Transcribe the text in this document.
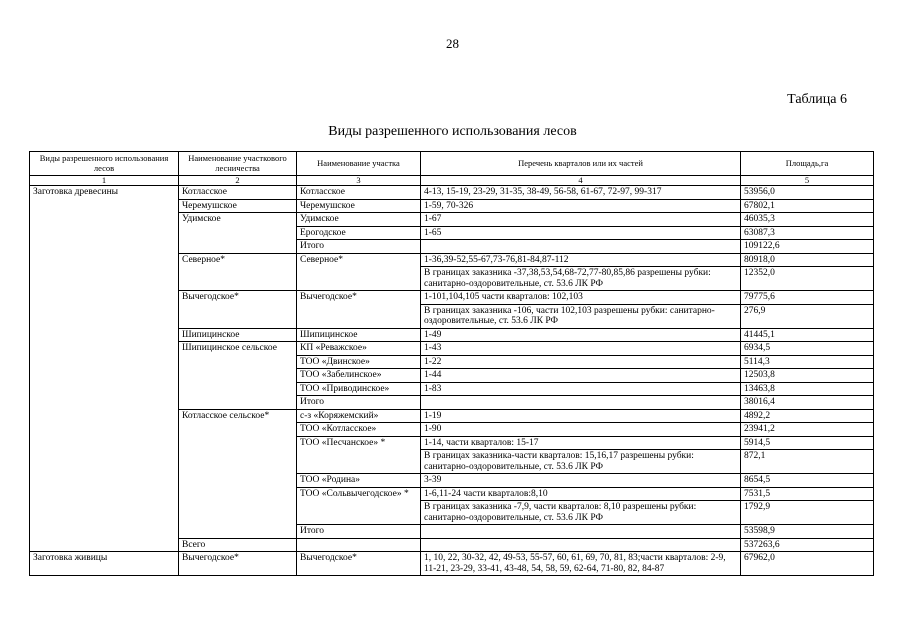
28
Таблица 6
Виды разрешенного использования лесов
Виды разрешенного использования лесов	Наименование участкового лесничества	Наименование участка	Перечень кварталов или их частей	Площадь,га
1	2	3	4	5
Заготовка древесины	Котласское	Котласское	4-13, 15-19, 23-29, 31-35, 38-49, 56-58, 61-67, 72-97, 99-317	53956,0
	Черемушское	Черемушское	1-59, 70-326	67802,1
	Удимское	Удимское	1-67	46035,3
		Ерогодское	1-65	63087,3
		Итого		109122,6
	Северное*	Северное*	1-36,39-52,55-67,73-76,81-84,87-112	80918,0
			В границах заказника -37,38,53,54,68-72,77-80,85,86 разрешены рубки: санитарно-оздоровительные, ст. 53.6 ЛК РФ	12352,0
	Вычегодское*	Вычегодское*	1-101,104,105 части кварталов: 102,103	79775,6
			В границах заказника -106, части 102,103 разрешены рубки: санитарно-оздоровительные, ст. 53.6 ЛК РФ	276,9
	Шипицинское	Шипицинское	1-49	41445,1
	Шипицинское сельское	КП «Реважское»	1-43	6934,5
		ТОО «Двинское»	1-22	5114,3
		ТОО «Забелинское»	1-44	12503,8
		ТОО «Приводинское»	1-83	13463,8
		Итого		38016,4
	Котласское сельское*	с-з «Коряжемский»	1-19	4892,2
		ТОО «Котласское»	1-90	23941,2
		ТОО «Песчанское» *	1-14, части кварталов: 15-17	5914,5
			В границах заказника-части кварталов: 15,16,17 разрешены рубки: санитарно-оздоровительные, ст. 53.6 ЛК РФ	872,1
		ТОО «Родина»	3-39	8654,5
		ТОО «Сольвычегодское» *	1-6,11-24 части кварталов:8,10	7531,5
			В границах заказника -7,9, части кварталов: 8,10 разрешены рубки: санитарно-оздоровительные, ст. 53.6 ЛК РФ	1792,9
		Итого		53598,9
	Всего			537263,6
Заготовка живицы	Вычегодское*	Вычегодское*	1, 10, 22, 30-32, 42, 49-53, 55-57, 60, 61, 69, 70, 81, 83;части кварталов: 2-9, 11-21, 23-29, 33-41, 43-48, 54, 58, 59, 62-64, 71-80, 82, 84-87	67962,0
